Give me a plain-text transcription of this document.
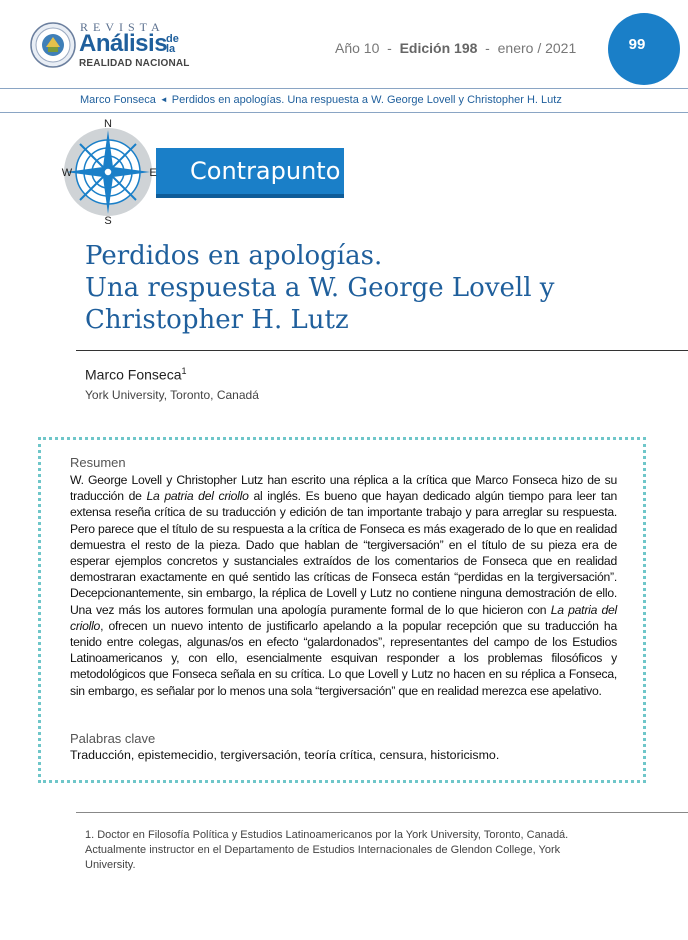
REVISTA
Análisis
de
la
REALIDAD NACIONAL
Año 10  -  Edición 198  -  enero / 2021	99
Marco Fonseca ◄ Perdidos en apologías. Una respuesta a W. George Lovell y Christopher H. Lutz
Contrapunto
N
S
W	E
Perdidos en apologías.
Una respuesta a W. George Lovell y
Christopher H. Lutz
Marco Fonseca$^1$
York University, Toronto, Canadá
Resumen
W. George Lovell y Christopher Lutz han escrito una réplica a la crítica que Marco Fonseca hizo de su traducción de La patria del criollo al inglés. Es bueno que hayan dedicado algún tiempo para leer tan extensa reseña crítica de su traducción y edición de tan importante trabajo y para arreglar su respuesta. Pero parece que el título de su respuesta a la crítica de Fonseca es más exagerado de lo que en realidad demuestra el resto de la pieza. Dado que hablan de “tergiversación” en el título de su pieza era de esperar ejemplos concretos y sustanciales extraídos de los comentarios de Fonseca que en realidad demostraran exactamente en qué sentido las críticas de Fonseca están “perdidas en la tergiversación”. Decepcionantemente, sin embargo, la réplica de Lovell y Lutz no contiene ninguna demostración de ello. Una vez más los autores formulan una apología puramente formal de lo que hicieron con La patria del criollo, ofrecen un nuevo intento de justificarlo apelando a la popular recepción que su traducción ha tenido entre colegas, algunas/os en efecto “galardonados”, representantes del campo de los Estudios Latinoamericanos y, con ello, esencialmente esquivan responder a los problemas filosóficos y metodológicos que Fonseca señala en su crítica. Lo que Lovell y Lutz no hacen en su réplica a Fonseca, sin embargo, es señalar por lo menos una sola “tergiversación” que en realidad merezca ese apelativo.
Palabras clave
Traducción, epistemecidio, tergiversación, teoría crítica, censura, historicismo.
1. Doctor en Filosofía Política y Estudios Latinoamericanos por la York University, Toronto, Canadá. Actualmente instructor en el Departamento de Estudios Internacionales de Glendon College, York University.
